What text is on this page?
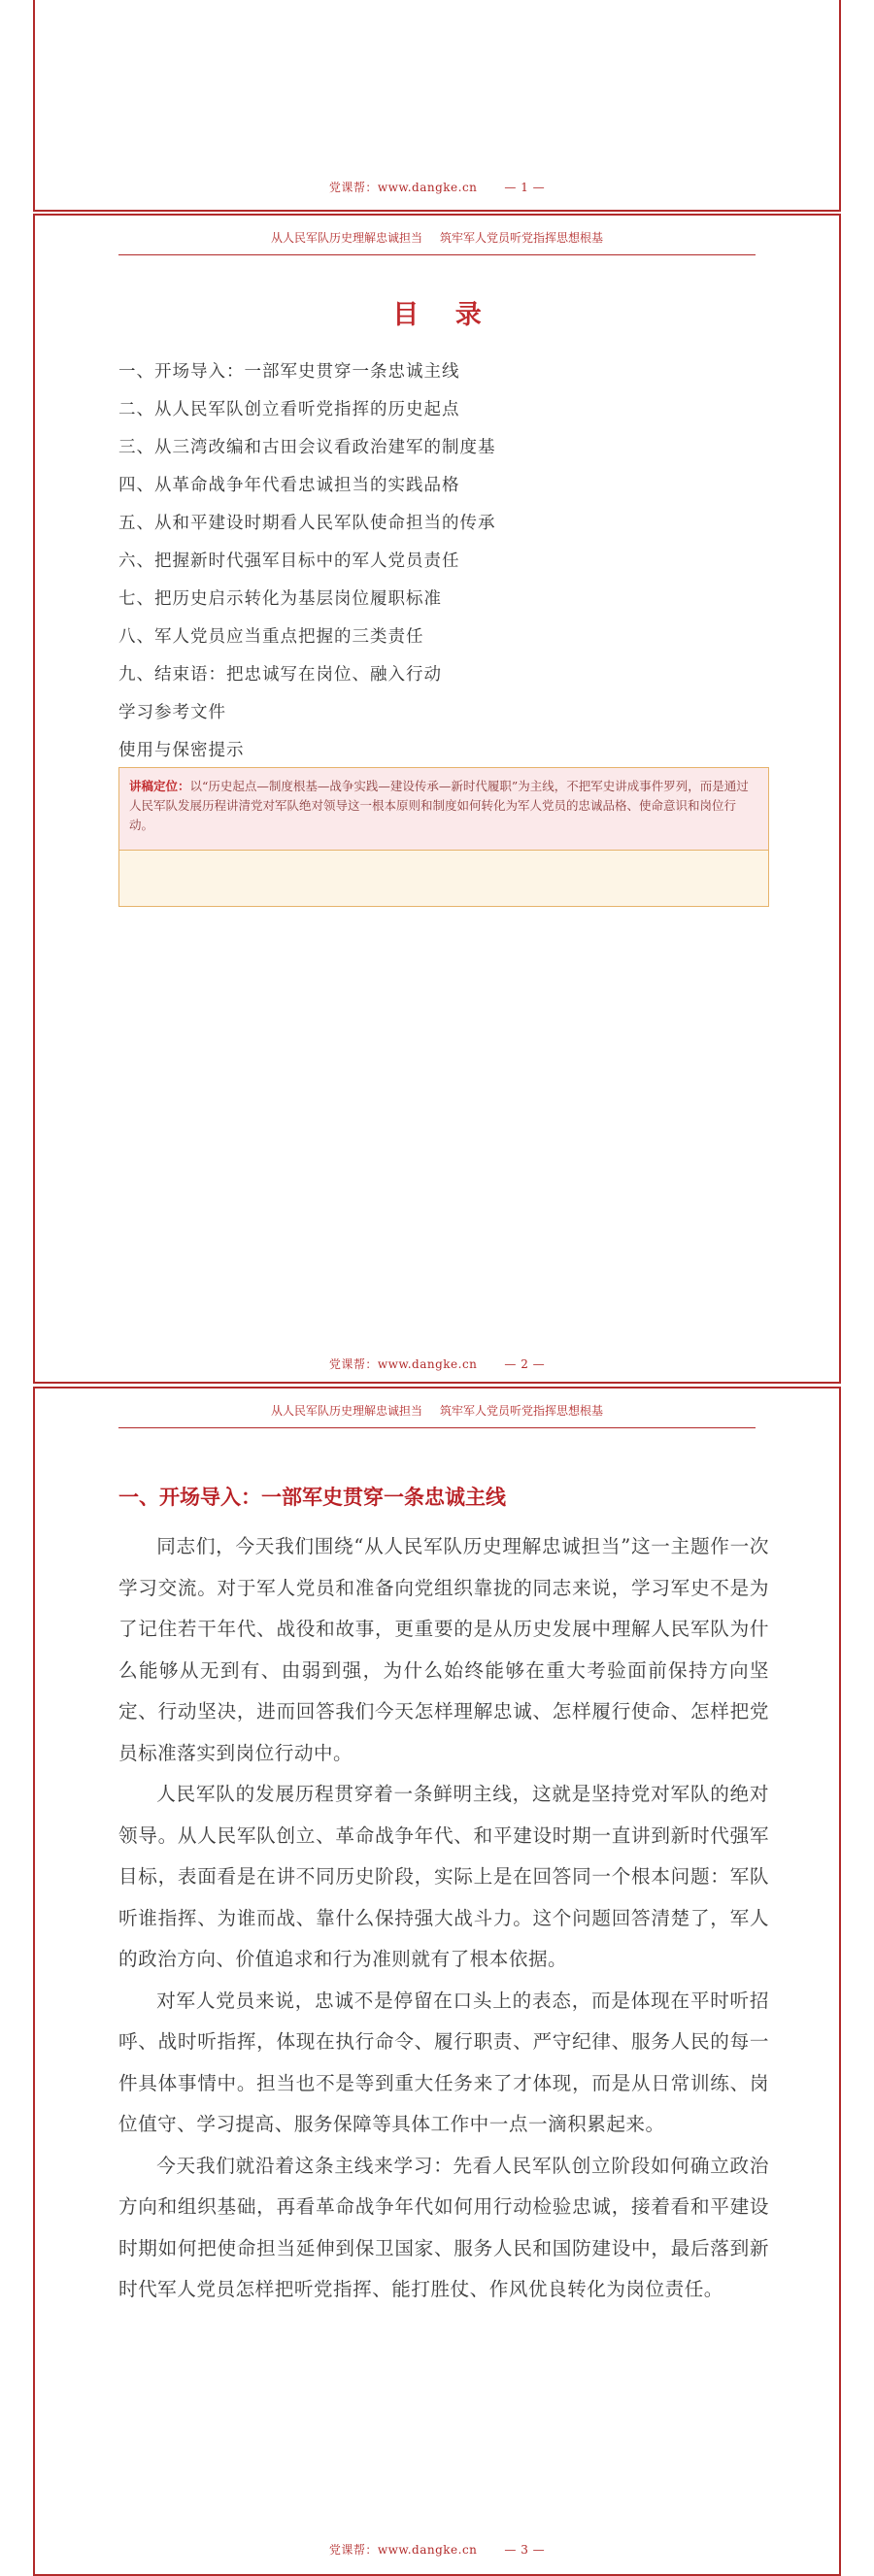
党课帮：www.dangke.cn — 1 —
从人民军队历史理解忠诚担当 筑牢军人党员听党指挥思想根基
目 录
一、开场导入：一部军史贯穿一条忠诚主线
二、从人民军队创立看听党指挥的历史起点
三、从三湾改编和古田会议看政治建军的制度基
四、从革命战争年代看忠诚担当的实践品格
五、从和平建设时期看人民军队使命担当的传承
六、把握新时代强军目标中的军人党员责任
七、把历史启示转化为基层岗位履职标准
八、军人党员应当重点把握的三类责任
九、结束语：把忠诚写在岗位、融入行动
学习参考文件
使用与保密提示
讲稿定位：以“历史起点—制度根基—战争实践—建设传承—新时代履职”为主线，不把军史讲成事件罗列，而是通过人民军队发展历程讲清党对军队绝对领导这一根本原则和制度如何转化为军人党员的忠诚品格、使命意识和岗位行动。
党课帮：www.dangke.cn — 2 —
从人民军队历史理解忠诚担当 筑牢军人党员听党指挥思想根基
一、开场导入：一部军史贯穿一条忠诚主线

同志们，今天我们围绕“从人民军队历史理解忠诚担当”这一主题作一次学习交流。对于军人党员和准备向党组织靠拢的同志来说，学习军史不是为了记住若干年代、战役和故事，更重要的是从历史发展中理解人民军队为什么能够从无到有、由弱到强，为什么始终能够在重大考验面前保持方向坚定、行动坚决，进而回答我们今天怎样理解忠诚、怎样履行使命、怎样把党员标准落实到岗位行动中。

人民军队的发展历程贯穿着一条鲜明主线，这就是坚持党对军队的绝对领导。从人民军队创立、革命战争年代、和平建设时期一直讲到新时代强军目标，表面看是在讲不同历史阶段，实际上是在回答同一个根本问题：军队听谁指挥、为谁而战、靠什么保持强大战斗力。这个问题回答清楚了，军人的政治方向、价值追求和行为准则就有了根本依据。

对军人党员来说，忠诚不是停留在口头上的表态，而是体现在平时听招呼、战时听指挥，体现在执行命令、履行职责、严守纪律、服务人民的每一件具体事情中。担当也不是等到重大任务来了才体现，而是从日常训练、岗位值守、学习提高、服务保障等具体工作中一点一滴积累起来。

今天我们就沿着这条主线来学习：先看人民军队创立阶段如何确立政治方向和组织基础，再看革命战争年代如何用行动检验忠诚，接着看和平建设时期如何把使命担当延伸到保卫国家、服务人民和国防建设中，最后落到新时代军人党员怎样把听党指挥、能打胜仗、作风优良转化为岗位责任。

党课帮：www.dangke.cn — 3 —
